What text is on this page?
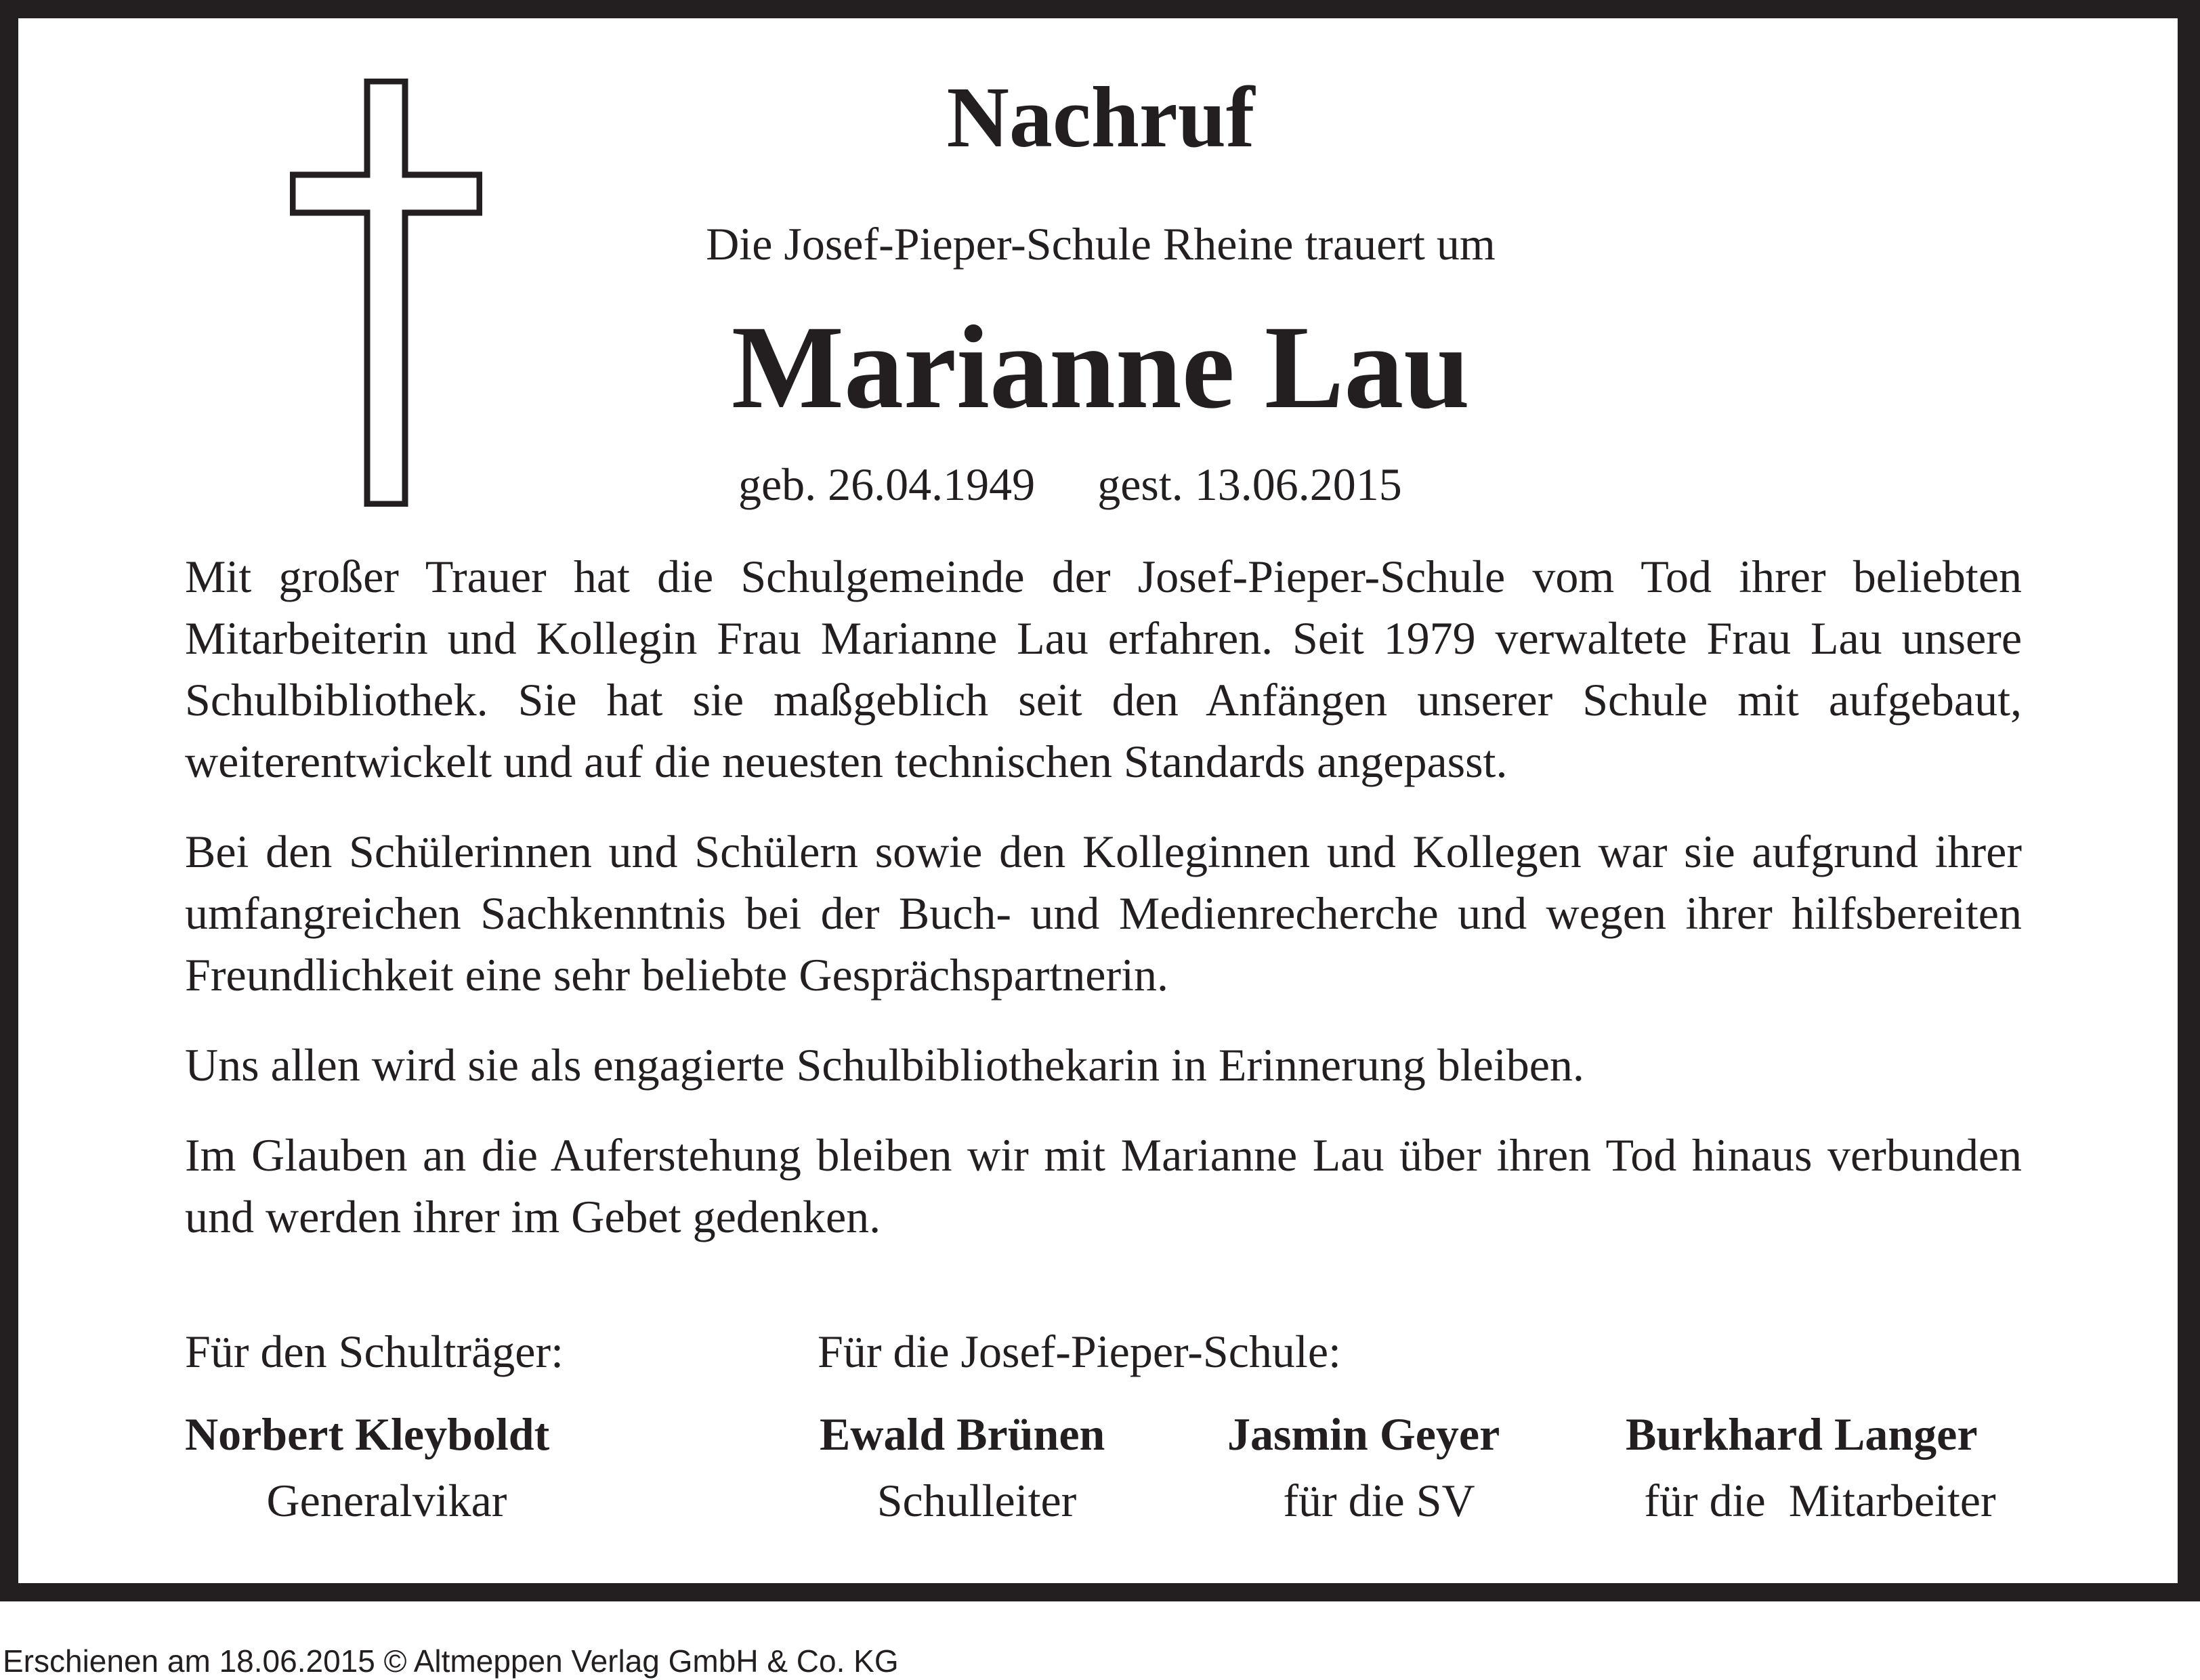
Nachruf
Die Josef-Pieper-Schule Rheine trauert um
Marianne Lau
geb. 26.04.1949 gest. 13.06.2015

Mit großer Trauer hat die Schulgemeinde der Josef-Pieper-Schule vom Tod ihrer beliebten Mitarbeiterin und Kollegin Frau Marianne Lau erfahren. Seit 1979 verwaltete Frau Lau unsere Schulbibliothek. Sie hat sie maßgeblich seit den Anfängen unserer Schule mit aufgebaut, weiterentwickelt und auf die neuesten technischen Standards angepasst.

Bei den Schülerinnen und Schülern sowie den Kolleginnen und Kollegen war sie aufgrund ihrer umfangreichen Sachkenntnis bei der Buch- und Medienrecherche und wegen ihrer hilfsbereiten Freundlichkeit eine sehr beliebte Gesprächspartnerin.

Uns allen wird sie als engagierte Schulbibliothekarin in Erinnerung bleiben.

Im Glauben an die Auferstehung bleiben wir mit Marianne Lau über ihren Tod hinaus verbunden und werden ihrer im Gebet gedenken.

Für den Schulträger:	Für die Josef-Pieper-Schule:
Norbert Kleyboldt
Generalvikar
Ewald Brünen
Schulleiter
Jasmin Geyer
für die SV
Burkhard Langer
für die  Mitarbeiter
Erschienen am 18.06.2015 © Altmeppen Verlag GmbH & Co. KG
